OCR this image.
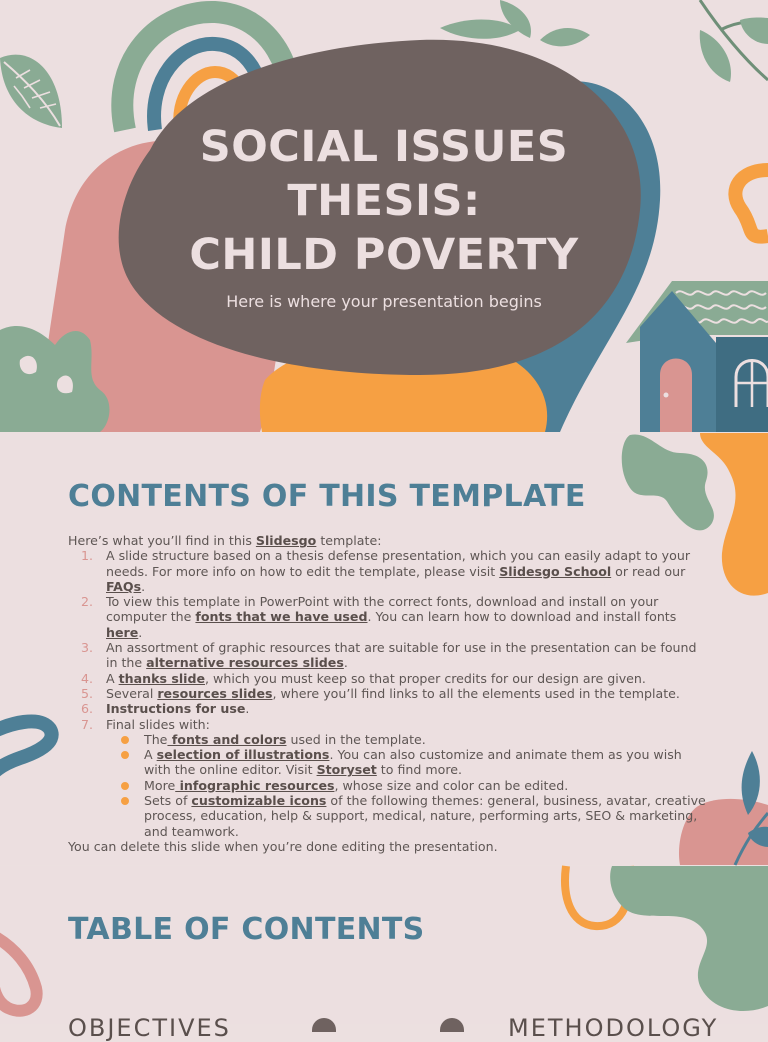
SOCIAL ISSUES
THESIS:
CHILD POVERTY

Here is where your presentation begins

CONTENTS OF THIS TEMPLATE

Here’s what you’ll find in this Slidesgo template:

1. A slide structure based on a thesis defense presentation, which you can easily adapt to your needs. For more info on how to edit the template, please visit Slidesgo School or read our FAQs.
2. To view this template in PowerPoint with the correct fonts, download and install on your computer the fonts that we have used. You can learn how to download and install fonts here.
3. An assortment of graphic resources that are suitable for use in the presentation can be found in the alternative resources slides.
4. A thanks slide, which you must keep so that proper credits for our design are given.
5. Several resources slides, where you’ll find links to all the elements used in the template.
6. Instructions for use.
7. Final slides with:
The fonts and colors used in the template.
A selection of illustrations. You can also customize and animate them as you wish with the online editor. Visit Storyset to find more.
More infographic resources, whose size and color can be edited.
Sets of customizable icons of the following themes: general, business, avatar, creative process, education, help & support, medical, nature, performing arts, SEO & marketing, and teamwork.

You can delete this slide when you’re done editing the presentation.

TABLE OF CONTENTS
OBJECTIVES	METHODOLOGY
